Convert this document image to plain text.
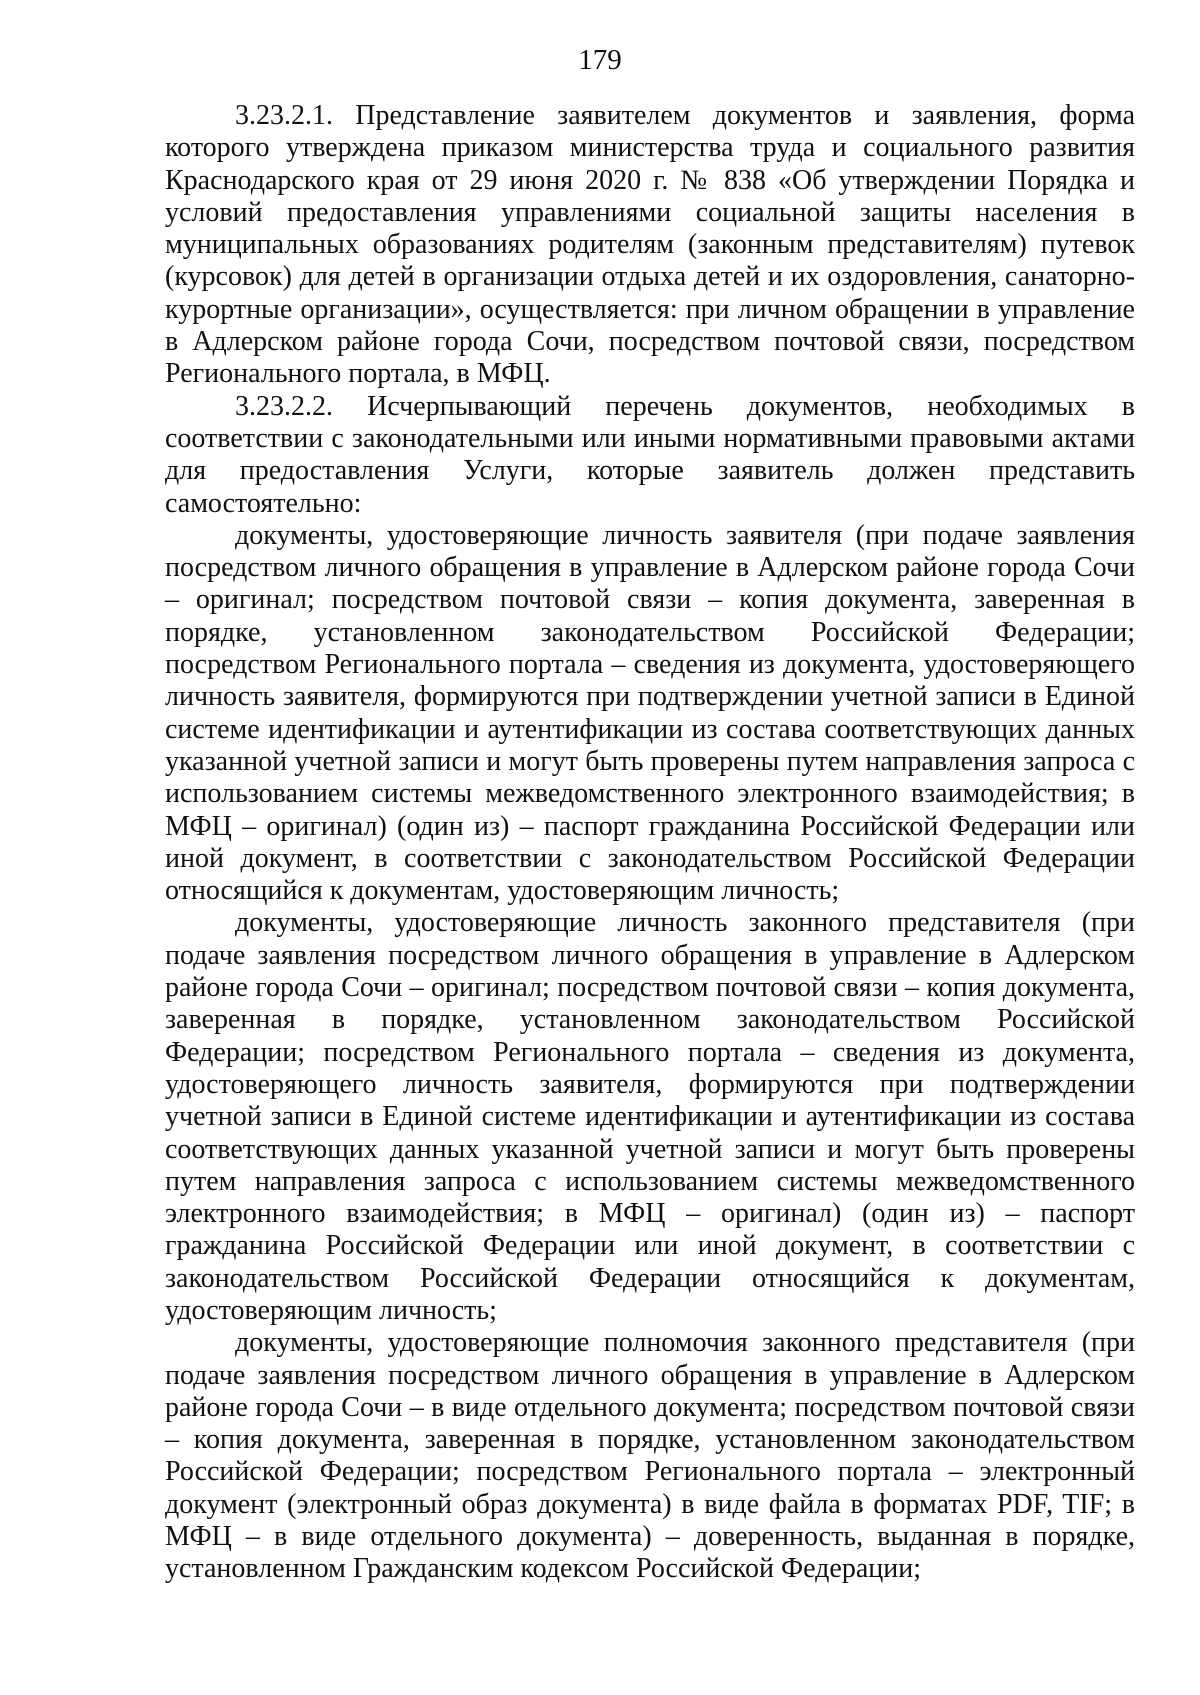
179

3.23.2.1. Представление заявителем документов и заявления, форма которого утверждена приказом министерства труда и социального развития Краснодарского края от 29 июня 2020 г. № 838 «Об утверждении Порядка и условий предоставления управлениями социальной защиты населения в муниципальных образованиях родителям (законным представителям) путевок (курсовок) для детей в организации отдыха детей и их оздоровления, санаторно-курортные организации», осуществляется: при личном обращении в управление в Адлерском районе города Сочи, посредством почтовой связи, посредством Регионального портала, в МФЦ.

3.23.2.2. Исчерпывающий перечень документов, необходимых в соответствии с законодательными или иными нормативными правовыми актами для предоставления Услуги, которые заявитель должен представить самостоятельно:

документы, удостоверяющие личность заявителя (при подаче заявления посредством личного обращения в управление в Адлерском районе города Сочи – оригинал; посредством почтовой связи – копия документа, заверенная в порядке, установленном законодательством Российской Федерации; посредством Регионального портала – сведения из документа, удостоверяющего личность заявителя, формируются при подтверждении учетной записи в Единой системе идентификации и аутентификации из состава соответствующих данных указанной учетной записи и могут быть проверены путем направления запроса с использованием системы межведомственного электронного взаимодействия; в МФЦ – оригинал) (один из) – паспорт гражданина Российской Федерации или иной документ, в соответствии с законодательством Российской Федерации относящийся к документам, удостоверяющим личность;

документы, удостоверяющие личность законного представителя (при подаче заявления посредством личного обращения в управление в Адлерском районе города Сочи – оригинал; посредством почтовой связи – копия документа, заверенная в порядке, установленном законодательством Российской Федерации; посредством Регионального портала – сведения из документа, удостоверяющего личность заявителя, формируются при подтверждении учетной записи в Единой системе идентификации и аутентификации из состава соответствующих данных указанной учетной записи и могут быть проверены путем направления запроса с использованием системы межведомственного электронного взаимодействия; в МФЦ – оригинал) (один из) – паспорт гражданина Российской Федерации или иной документ, в соответствии с законодательством Российской Федерации относящийся к документам, удостоверяющим личность;

документы, удостоверяющие полномочия законного представителя (при подаче заявления посредством личного обращения в управление в Адлерском районе города Сочи – в виде отдельного документа; посредством почтовой связи – копия документа, заверенная в порядке, установленном законодательством Российской Федерации; посредством Регионального портала – электронный документ (электронный образ документа) в виде файла в форматах PDF, TIF; в МФЦ – в виде отдельного документа) – доверенность, выданная в порядке, установленном Гражданским кодексом Российской Федерации;
